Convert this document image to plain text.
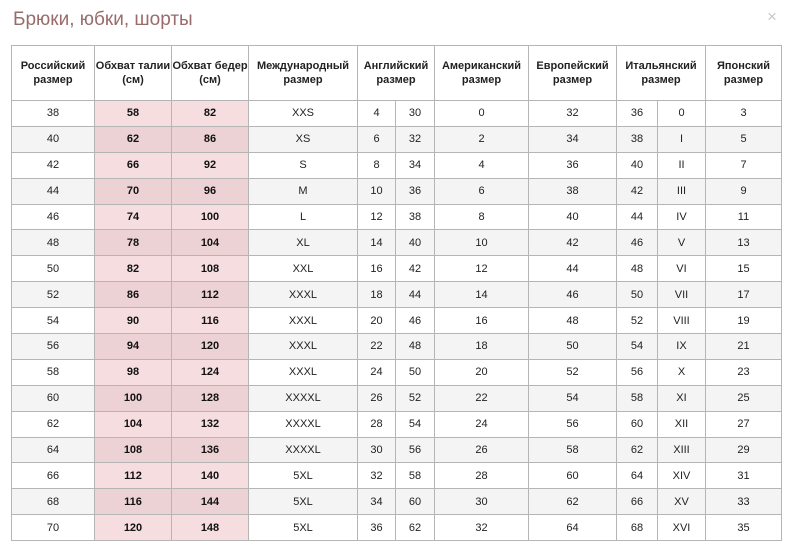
Брюки, юбки, шорты	×
Российский размер	Обхват талии (см)	Обхват бедер (см)	Международный размер	Английский размер		Американский размер	Европейский размер	Итальянский размер		Японский размер
38	58	82	XXS	4	30	0	32	36	0	3
40	62	86	XS	6	32	2	34	38	I	5
42	66	92	S	8	34	4	36	40	II	7
44	70	96	M	10	36	6	38	42	III	9
46	74	100	L	12	38	8	40	44	IV	11
48	78	104	XL	14	40	10	42	46	V	13
50	82	108	XXL	16	42	12	44	48	VI	15
52	86	112	XXXL	18	44	14	46	50	VII	17
54	90	116	XXXL	20	46	16	48	52	VIII	19
56	94	120	XXXL	22	48	18	50	54	IX	21
58	98	124	XXXL	24	50	20	52	56	X	23
60	100	128	XXXXL	26	52	22	54	58	XI	25
62	104	132	XXXXL	28	54	24	56	60	XII	27
64	108	136	XXXXL	30	56	26	58	62	XIII	29
66	112	140	5XL	32	58	28	60	64	XIV	31
68	116	144	5XL	34	60	30	62	66	XV	33
70	120	148	5XL	36	62	32	64	68	XVI	35
